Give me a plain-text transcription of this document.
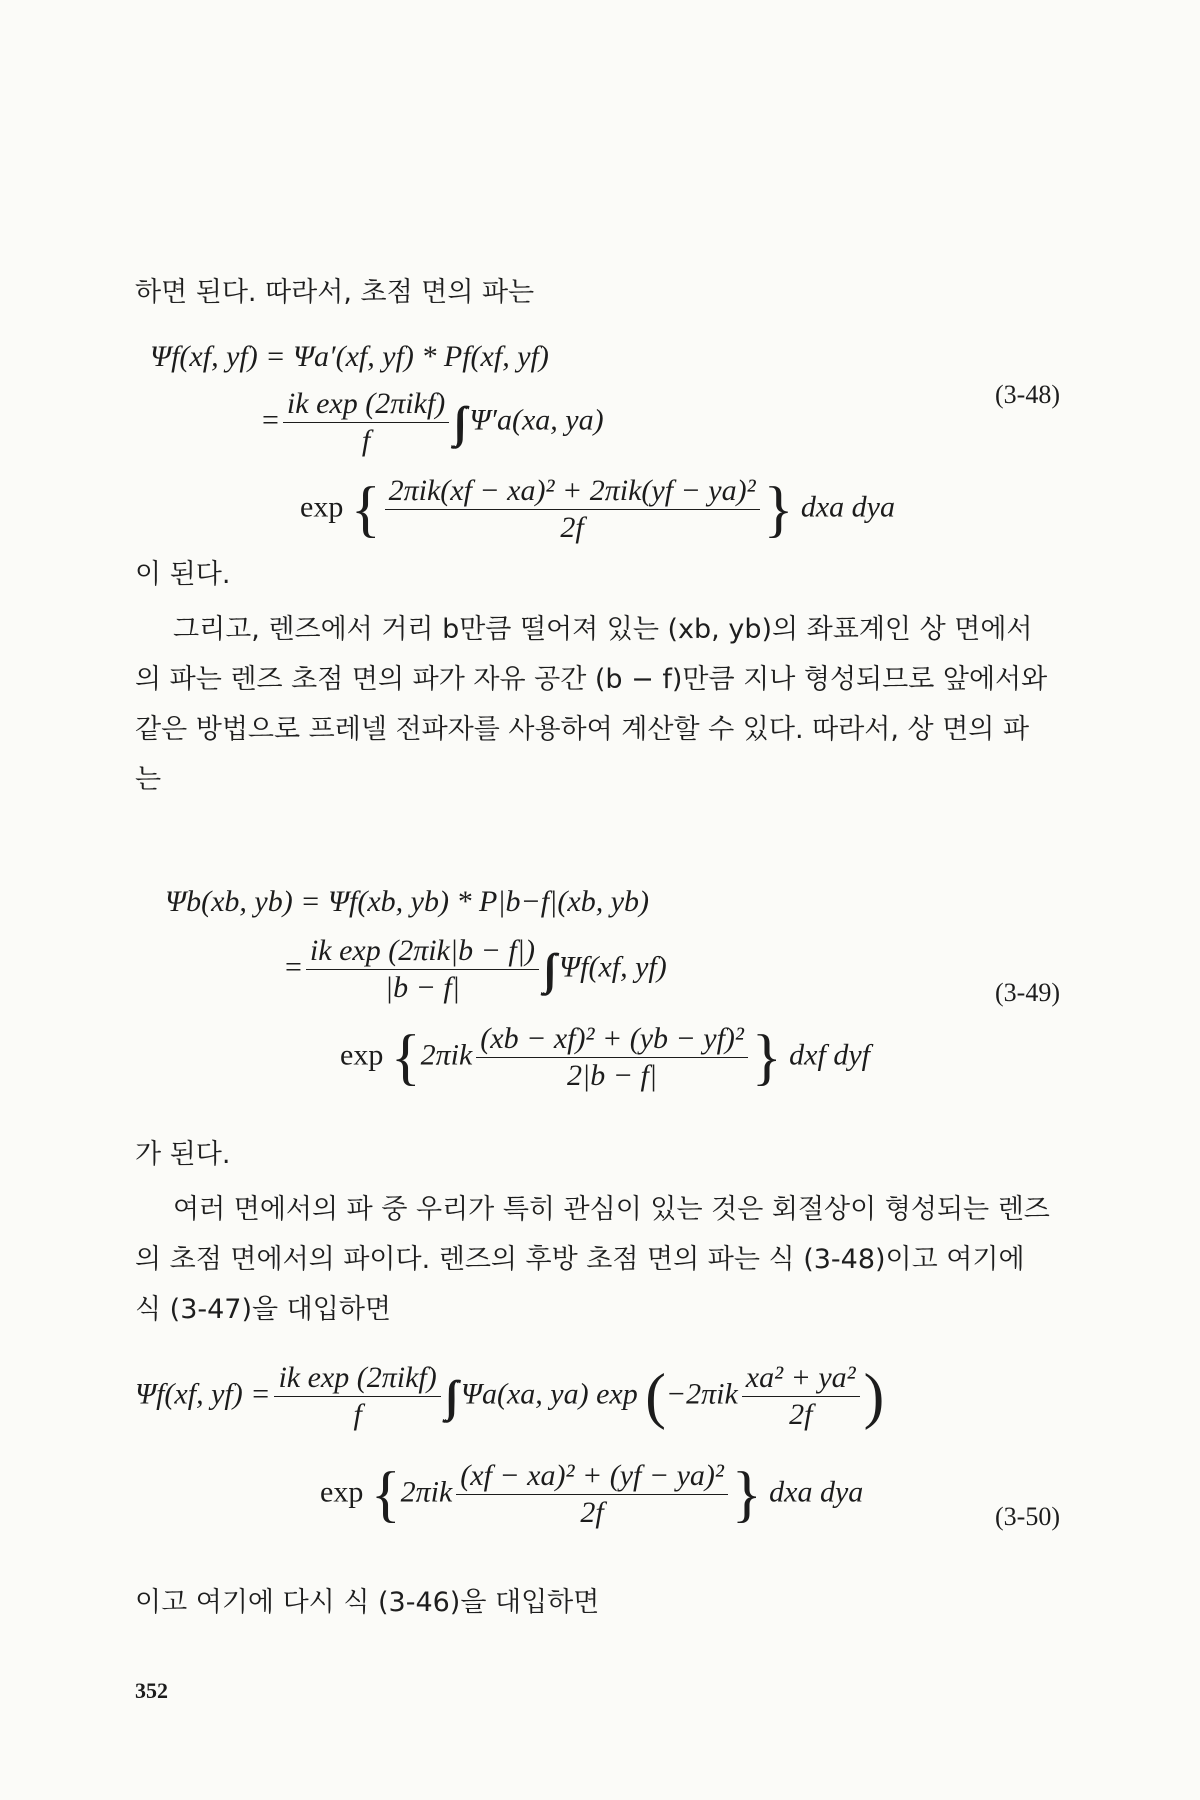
하면 된다. 따라서, 초점 면의 파는

Ψf(xf, yf) = Ψa′(xf, yf) * Pf(xf, yf)
= $\frac{\text{ik exp (2πikf)}}{f}$ ∫∫ Ψ′a(xa, ya)
(3-48)
exp { $\frac{\text{2πik(xf − xa)² + 2πik(yf − ya)²}}{2f}$ } dxa dya

이 된다.

그리고, 렌즈에서 거리 b만큼 떨어져 있는 (xb, yb)의 좌표계인 상 면에서의 파는 렌즈 초점 면의 파가 자유 공간 (b − f)만큼 지나 형성되므로 앞에서와 같은 방법으로 프레넬 전파자를 사용하여 계산할 수 있다. 따라서, 상 면의 파는

Ψb(xb, yb) = Ψf(xb, yb) * P|b−f|(xb, yb)
= $\frac{\text{ik exp (2πik|b − f|)}}{|b - f|}$ ∫∫ Ψf(xf, yf)
(3-49)
$\exp \{2\pi ik \frac{\text{(xb − xf)² + (yb − yf)²}}{2|b - f|}$ } dxf dyf

가 된다.

여러 면에서의 파 중 우리가 특히 관심이 있는 것은 회절상이 형성되는 렌즈의 초점 면에서의 파이다. 렌즈의 후방 초점 면의 파는 식 (3-48)이고 여기에 식 (3-47)을 대입하면

Ψf(xf, $yf) = \frac{\text{ik exp (2πikf)}}{f}$ ∫∫ Ψa(xa, ya) $\exp (-2\pi ik \frac{\text{xa² + ya²}}{2f}$ )
$\exp \{2\pi ik \frac{\text{(xf − xa)² + (yf − ya)²}}{2f}$ } dxa dya
(3-50)

이고 여기에 다시 식 (3-46)을 대입하면

352
